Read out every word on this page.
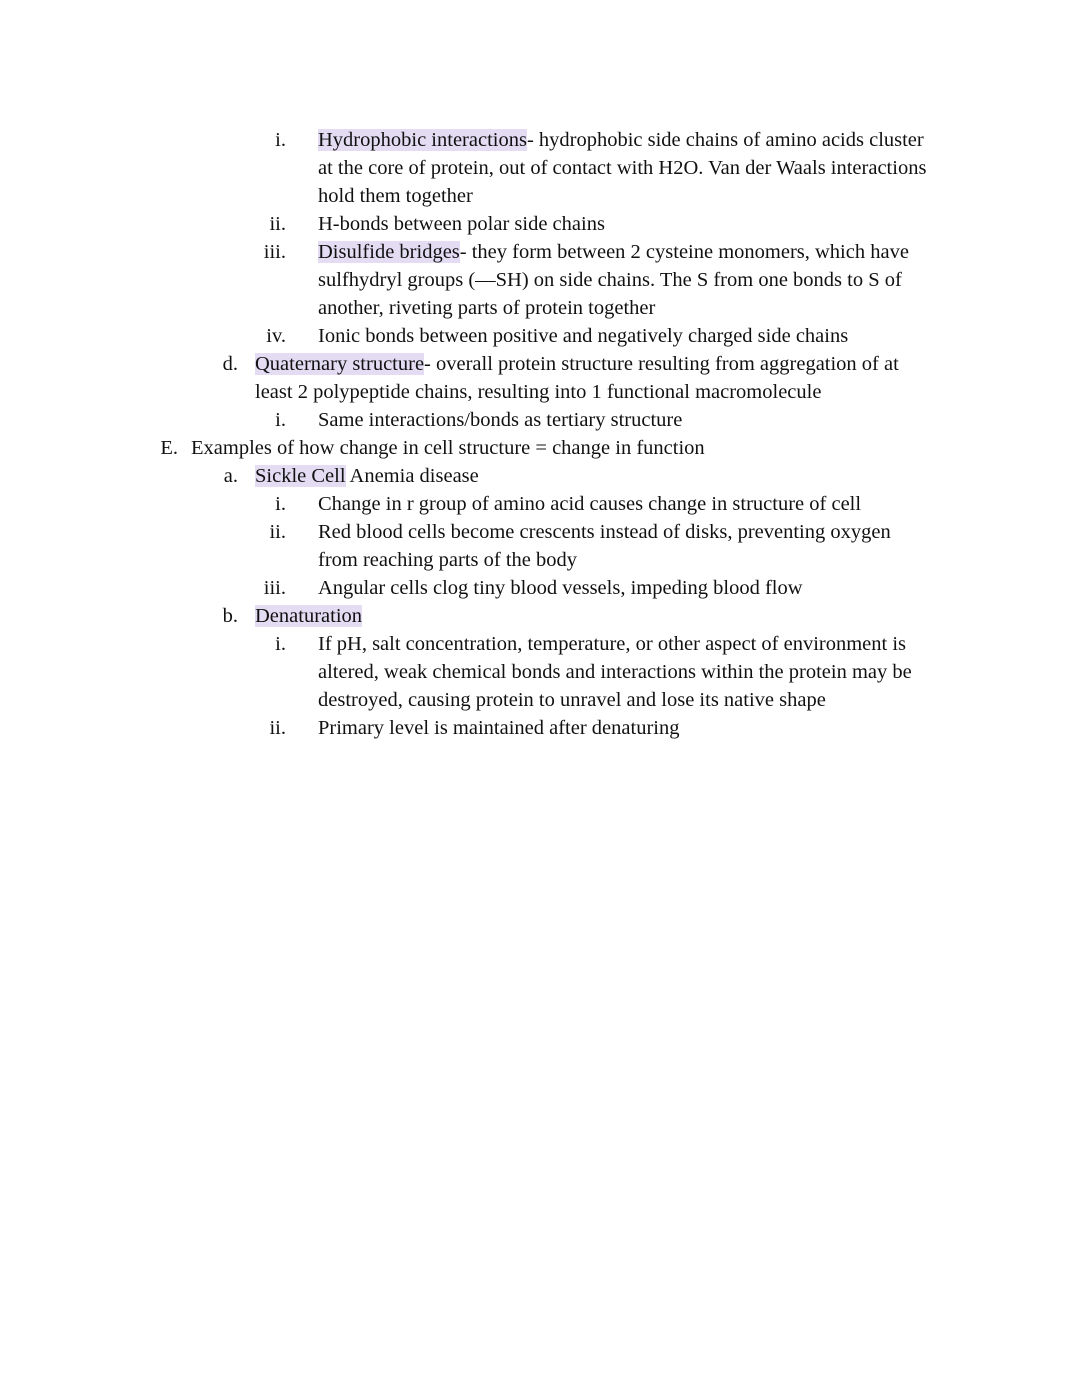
i. Hydrophobic interactions- hydrophobic side chains of amino acids cluster
at the core of protein, out of contact with H2O. Van der Waals interactions
hold them together
ii. H-bonds between polar side chains
iii. Disulfide bridges- they form between 2 cysteine monomers, which have
sulfhydryl groups (—SH) on side chains. The S from one bonds to S of
another, riveting parts of protein together
iv. Ionic bonds between positive and negatively charged side chains
d. Quaternary structure- overall protein structure resulting from aggregation of at
least 2 polypeptide chains, resulting into 1 functional macromolecule
i. Same interactions/bonds as tertiary structure
E. Examples of how change in cell structure = change in function
a. Sickle Cell Anemia disease
i. Change in r group of amino acid causes change in structure of cell
ii. Red blood cells become crescents instead of disks, preventing oxygen
from reaching parts of the body
iii. Angular cells clog tiny blood vessels, impeding blood flow
b. Denaturation
i. If pH, salt concentration, temperature, or other aspect of environment is
altered, weak chemical bonds and interactions within the protein may be
destroyed, causing protein to unravel and lose its native shape
ii. Primary level is maintained after denaturing
